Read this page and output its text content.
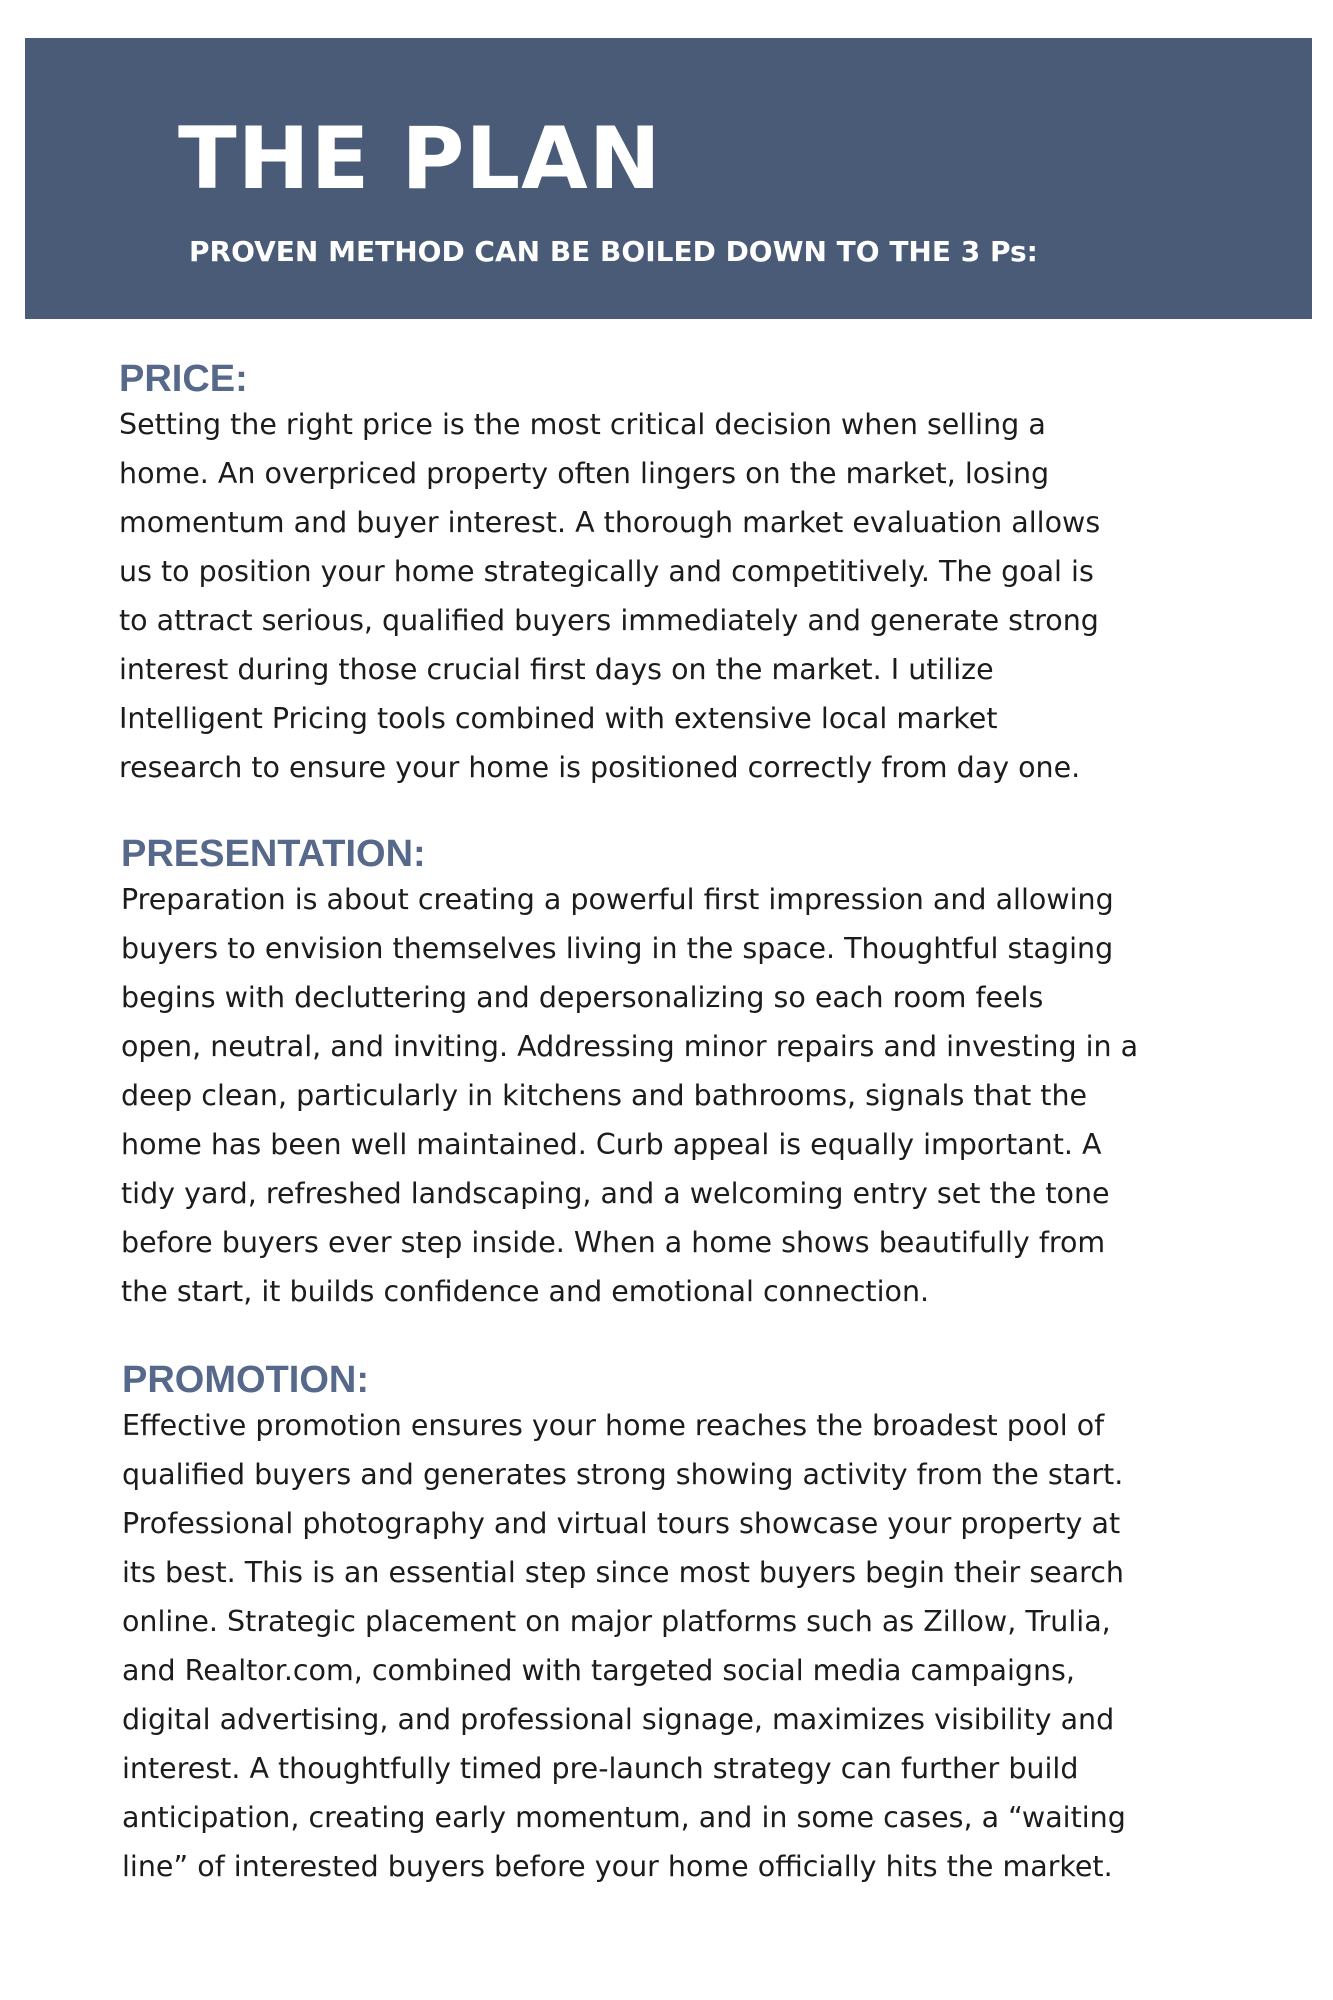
THE PLAN
PROVEN METHOD CAN BE BOILED DOWN TO THE 3 Ps:
PRICE:

Setting the right price is the most critical decision when selling a
home. An overpriced property often lingers on the market, losing
momentum and buyer interest. A thorough market evaluation allows
us to position your home strategically and competitively. The goal is
to attract serious, qualified buyers immediately and generate strong
interest during those crucial first days on the market. I utilize
Intelligent Pricing tools combined with extensive local market
research to ensure your home is positioned correctly from day one.

PRESENTATION:

Preparation is about creating a powerful first impression and allowing
buyers to envision themselves living in the space. Thoughtful staging
begins with decluttering and depersonalizing so each room feels
open, neutral, and inviting. Addressing minor repairs and investing in a
deep clean, particularly in kitchens and bathrooms, signals that the
home has been well maintained. Curb appeal is equally important. A
tidy yard, refreshed landscaping, and a welcoming entry set the tone
before buyers ever step inside. When a home shows beautifully from
the start, it builds confidence and emotional connection.

PROMOTION:

Effective promotion ensures your home reaches the broadest pool of
qualified buyers and generates strong showing activity from the start.
Professional photography and virtual tours showcase your property at
its best. This is an essential step since most buyers begin their search
online. Strategic placement on major platforms such as Zillow, Trulia,
and Realtor.com, combined with targeted social media campaigns,
digital advertising, and professional signage, maximizes visibility and
interest. A thoughtfully timed pre-launch strategy can further build
anticipation, creating early momentum, and in some cases, a “waiting
line” of interested buyers before your home officially hits the market.
